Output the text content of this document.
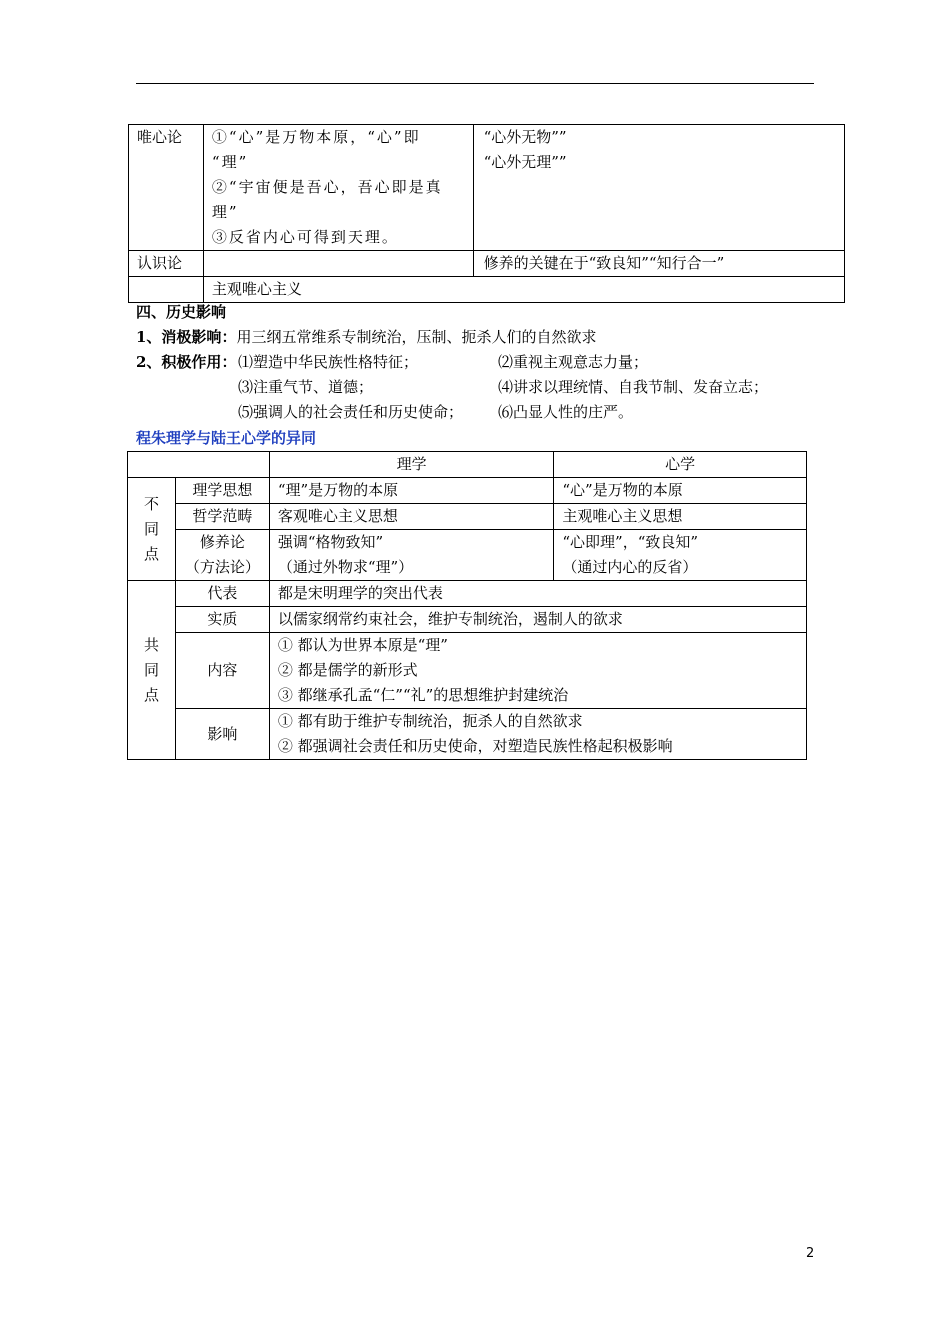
唯心论	①“心”是万物本原，“心”即
“理”
②“宇宙便是吾心，吾心即是真
理”
③反省内心可得到天理。	“心外无物””
“心外无理””

认识论		修养的关键在于“致良知”“知行合一”
	主观唯心主义	
四、历史影响
1、消极影响：用三纲五常维系专制统治，压制、扼杀人们的自然欲求
2、积极作用： ⑴塑造中华民族性格特征；	⑵重视主观意志力量；
⑶注重气节、道德；	⑷讲求以理统情、自我节制、发奋立志；
⑸强调人的社会责任和历史使命； ⑹凸显人性的庄严。
程朱理学与陆王心学的异同
		理学	心学

不
同
点	理学思想	“理”是万物的本原	“心”是万物的本原
	哲学范畴	客观唯心主义思想	主观唯心主义思想

	修养论
（方法论）	强调“格物致知”
（通过外物求“理”）	“心即理”，“致良知”
（通过内心的反省）

共
同
点	代表	都是宋明理学的突出代表	
	实质	以儒家纲常约束社会，维护专制统治，遏制人的欲求	
	内容	① 都认为世界本原是“理”
② 都是儒学的新形式
③ 都继承孔孟“仁”“礼”的思想维护封建统治	

	影响	① 都有助于维护专制统治，扼杀人的自然欲求
② 都强调社会责任和历史使命，对塑造民族性格起积极影响	
2
